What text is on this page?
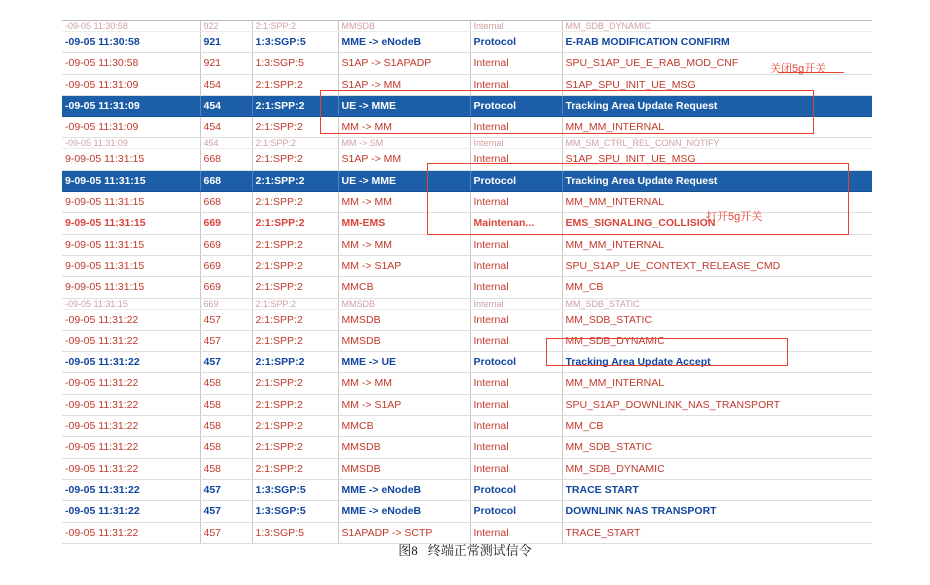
-09-05 11:30:58	922	2:1:SPP:2	MMSDB	Internal	MM_SDB_DYNAMIC
-09-05 11:30:58	921	1:3:SGP:5	MME -> eNodeB	Protocol	E-RAB MODIFICATION CONFIRM
-09-05 11:30:58	921	1:3:SGP:5	S1AP -> S1APADP	Internal	SPU_S1AP_UE_E_RAB_MOD_CNF
-09-05 11:31:09	454	2:1:SPP:2	S1AP -> MM	Internal	S1AP_SPU_INIT_UE_MSG
-09-05 11:31:09	454	2:1:SPP:2	UE -> MME	Protocol	Tracking Area Update Request
-09-05 11:31:09	454	2:1:SPP:2	MM -> MM	Internal	MM_MM_INTERNAL
-09-05 11:31:09	454	2:1:SPP:2	MM -> SM	Internal	MM_SM_CTRL_REL_CONN_NOTIFY
9-09-05 11:31:15	668	2:1:SPP:2	S1AP -> MM	Internal	S1AP_SPU_INIT_UE_MSG
9-09-05 11:31:15	668	2:1:SPP:2	UE -> MME	Protocol	Tracking Area Update Request
9-09-05 11:31:15	668	2:1:SPP:2	MM -> MM	Internal	MM_MM_INTERNAL
9-09-05 11:31:15	669	2:1:SPP:2	MM-EMS	Maintenan...	EMS_SIGNALING_COLLISION
9-09-05 11:31:15	669	2:1:SPP:2	MM -> MM	Internal	MM_MM_INTERNAL
9-09-05 11:31:15	669	2:1:SPP:2	MM -> S1AP	Internal	SPU_S1AP_UE_CONTEXT_RELEASE_CMD
9-09-05 11:31:15	669	2:1:SPP:2	MMCB	Internal	MM_CB
-09-05 11:31:15	669	2:1:SPP:2	MMSDB	Internal	MM_SDB_STATIC
-09-05 11:31:22	457	2:1:SPP:2	MMSDB	Internal	MM_SDB_STATIC
-09-05 11:31:22	457	2:1:SPP:2	MMSDB	Internal	MM_SDB_DYNAMIC
-09-05 11:31:22	457	2:1:SPP:2	MME -> UE	Protocol	Tracking Area Update Accept
-09-05 11:31:22	458	2:1:SPP:2	MM -> MM	Internal	MM_MM_INTERNAL
-09-05 11:31:22	458	2:1:SPP:2	MM -> S1AP	Internal	SPU_S1AP_DOWNLINK_NAS_TRANSPORT
-09-05 11:31:22	458	2:1:SPP:2	MMCB	Internal	MM_CB
-09-05 11:31:22	458	2:1:SPP:2	MMSDB	Internal	MM_SDB_STATIC
-09-05 11:31:22	458	2:1:SPP:2	MMSDB	Internal	MM_SDB_DYNAMIC
-09-05 11:31:22	457	1:3:SGP:5	MME -> eNodeB	Protocol	TRACE START
-09-05 11:31:22	457	1:3:SGP:5	MME -> eNodeB	Protocol	DOWNLINK NAS TRANSPORT
-09-05 11:31:22	457	1:3:SGP:5	S1APADP -> SCTP	Internal	TRACE_START
关闭5g开关
打开5g开关
图8 终端正常测试信令
